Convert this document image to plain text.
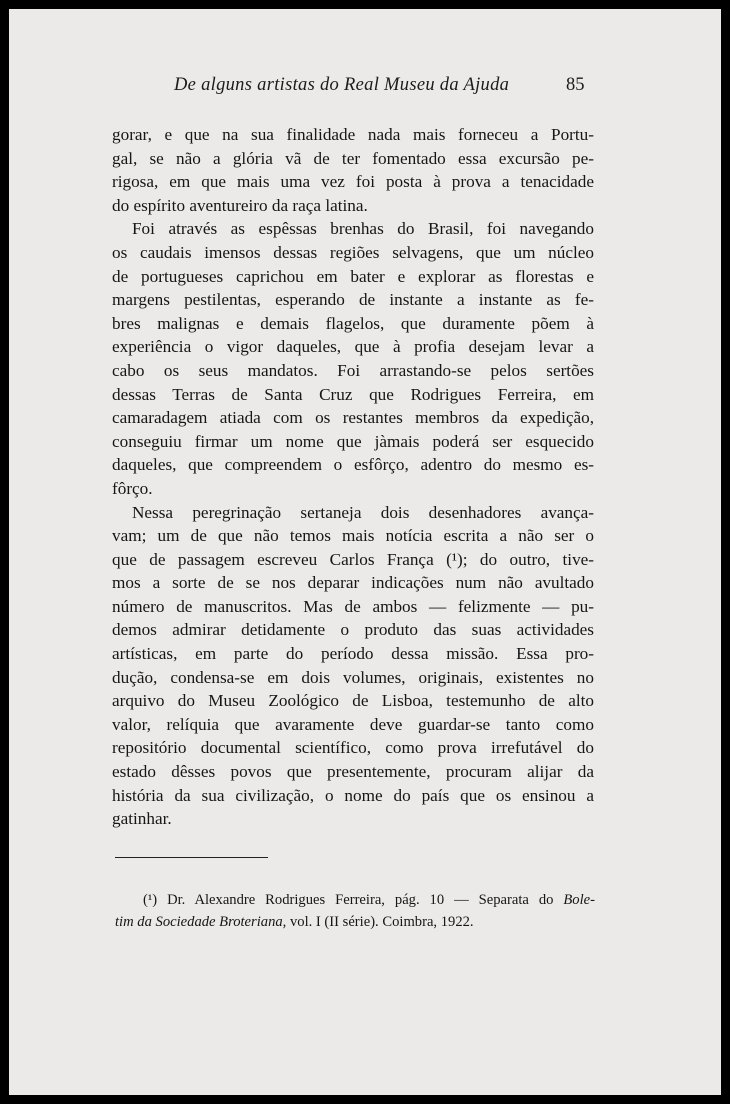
De alguns artistas do Real Museu da Ajuda	85
gorar, e que na sua finalidade nada mais forneceu a Portu-
gal, se não a glória vã de ter fomentado essa excursão pe-
rigosa, em que mais uma vez foi posta à prova a tenacidade
do espírito aventureiro da raça latina.
Foi através as espêssas brenhas do Brasil, foi navegando
os caudais imensos dessas regiões selvagens, que um núcleo
de portugueses caprichou em bater e explorar as florestas e
margens pestilentas, esperando de instante a instante as fe-
bres malignas e demais flagelos, que duramente põem à
experiência o vigor daqueles, que à profia desejam levar a
cabo os seus mandatos. Foi arrastando-se pelos sertões
dessas Terras de Santa Cruz que Rodrigues Ferreira, em
camaradagem atiada com os restantes membros da expedição,
conseguiu firmar um nome que jàmais poderá ser esquecido
daqueles, que compreendem o esfôrço, adentro do mesmo es-
fôrço.
Nessa peregrinação sertaneja dois desenhadores avança-
vam; um de que não temos mais notícia escrita a não ser o
que de passagem escreveu Carlos França (¹); do outro, tive-
mos a sorte de se nos deparar indicações num não avultado
número de manuscritos. Mas de ambos — felizmente — pu-
demos admirar detidamente o produto das suas actividades
artísticas, em parte do período dessa missão. Essa pro-
dução, condensa-se em dois volumes, originais, existentes no
arquivo do Museu Zoológico de Lisboa, testemunho de alto
valor, relíquia que avaramente deve guardar-se tanto como
repositório documental scientífico, como prova irrefutável do
estado dêsses povos que presentemente, procuram alijar da
história da sua civilização, o nome do país que os ensinou a
gatinhar.
(¹) Dr. Alexandre Rodrigues Ferreira, pág. 10 — Separata do Bole-
tim da Sociedade Broteriana, vol. I (II série). Coimbra, 1922.
